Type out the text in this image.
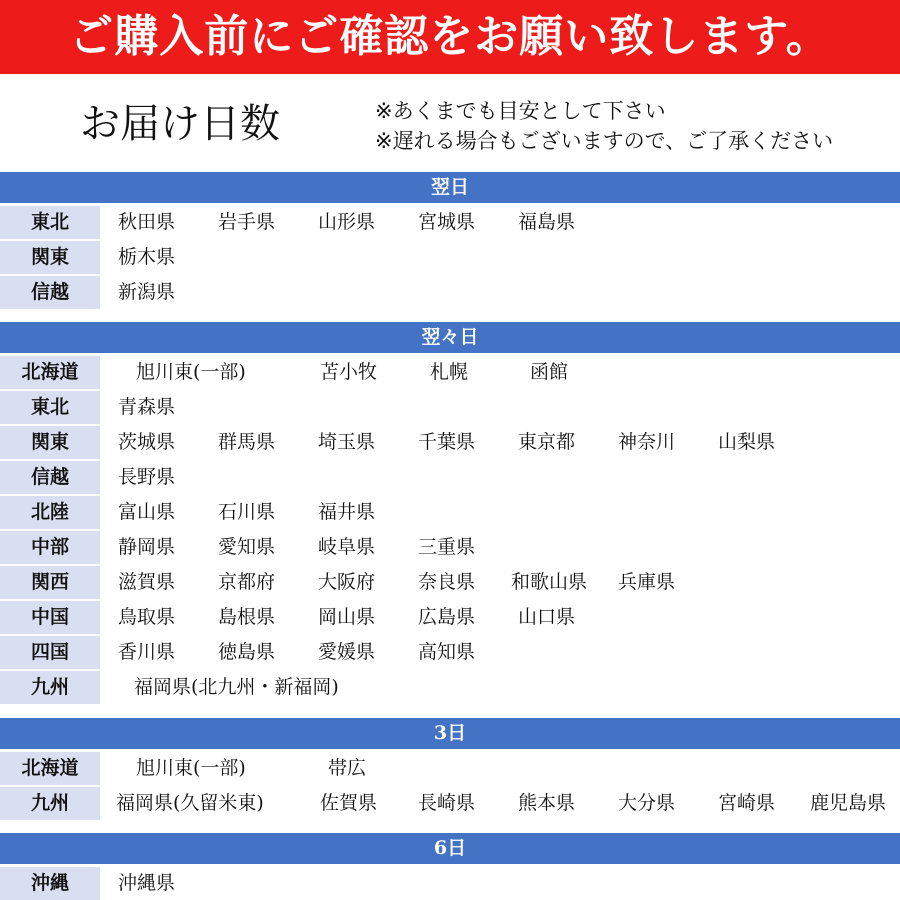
ご購入前にご確認をお願い致します。
お届け日数	※あくまでも目安として下さい
※遅れる場合もございますので、ご了承ください
翌日
東北	秋田県 岩手県 山形県 宮城県 福島県
関東	栃木県
信越	新潟県
翌々日
北海道	旭川東(一部)	苫小牧	札幌	函館
東北	青森県
関東	茨城県 群馬県 埼玉県 千葉県 東京都 神奈川 山梨県
信越	長野県
北陸	富山県 石川県 福井県
中部	静岡県 愛知県 岐阜県 三重県
関西	滋賀県 京都府 大阪府 奈良県 和歌山県 兵庫県
中国	鳥取県 島根県 岡山県 広島県 山口県
四国	香川県 徳島県 愛媛県 高知県
九州	福岡県(北九州・新福岡)
3日
北海道	旭川東(一部)	帯広
九州	福岡県(久留米東)	佐賀県 長崎県 熊本県 大分県 宮崎県 鹿児島県
6日
沖縄	沖縄県
